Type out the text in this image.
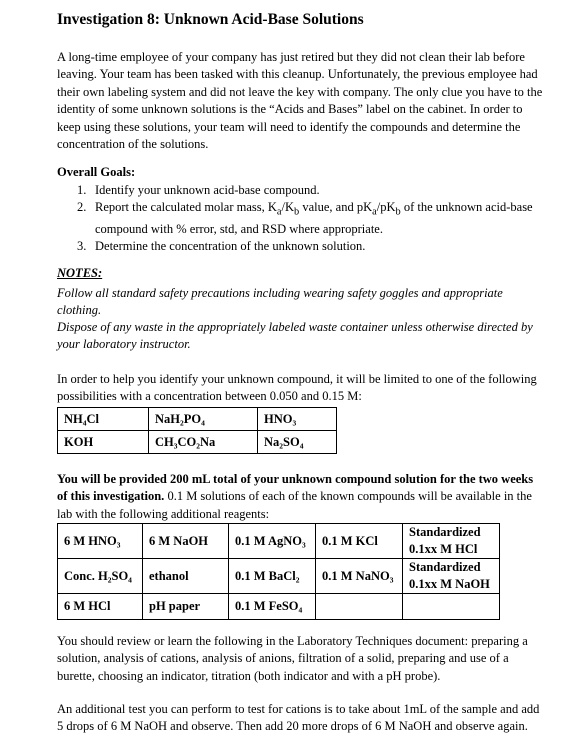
Investigation 8: Unknown Acid-Base Solutions
A long-time employee of your company has just retired but they did not clean their lab before
leaving. Your team has been tasked with this cleanup. Unfortunately, the previous employee had
their own labeling system and did not leave the key with company. The only clue you have to the
identity of some unknown solutions is the “Acids and Bases” label on the cabinet. In order to
keep using these solutions, your team will need to identify the compounds and determine the
concentration of the solutions.
Overall Goals:
1. Identify your unknown acid-base compound.
2. Report the calculated molar mass, $K_a/K_b$ value, and $pK_a/pK_b$ of the unknown acid-base
compound with % error, std, and RSD where appropriate.
3. Determine the concentration of the unknown solution.
NOTES:
Follow all standard safety precautions including wearing safety goggles and appropriate
clothing.
Dispose of any waste in the appropriately labeled waste container unless otherwise directed by
your laboratory instructor.
In order to help you identify your unknown compound, it will be limited to one of the following
possibilities with a concentration between 0.050 and 0.15 M:
NH₄Cl	NaH₂PO₄	HNO₃
KOH	CH₃CO₂Na	Na₂SO₄
You will be provided 200 mL total of your unknown compound solution for the two weeks
of this investigation. 0.1 M solutions of each of the known compounds will be available in the
lab with the following additional reagents:
6 M HNO₃	6 M NaOH	0.1 M AgNO₃	0.1 M KCl	Standardized 0.1xx M HCl
Conc. H₂SO₄	ethanol	0.1 M BaCl₂	0.1 M NaNO₃	Standardized 0.1xx M NaOH
6 M HCl	pH paper	0.1 M FeSO₄		
You should review or learn the following in the Laboratory Techniques document: preparing a
solution, analysis of cations, analysis of anions, filtration of a solid, preparing and use of a
burette, choosing an indicator, titration (both indicator and with a pH probe).
An additional test you can perform to test for cations is to take about 1mL of the sample and add
5 drops of 6 M NaOH and observe. Then add 20 more drops of 6 M NaOH and observe again.
